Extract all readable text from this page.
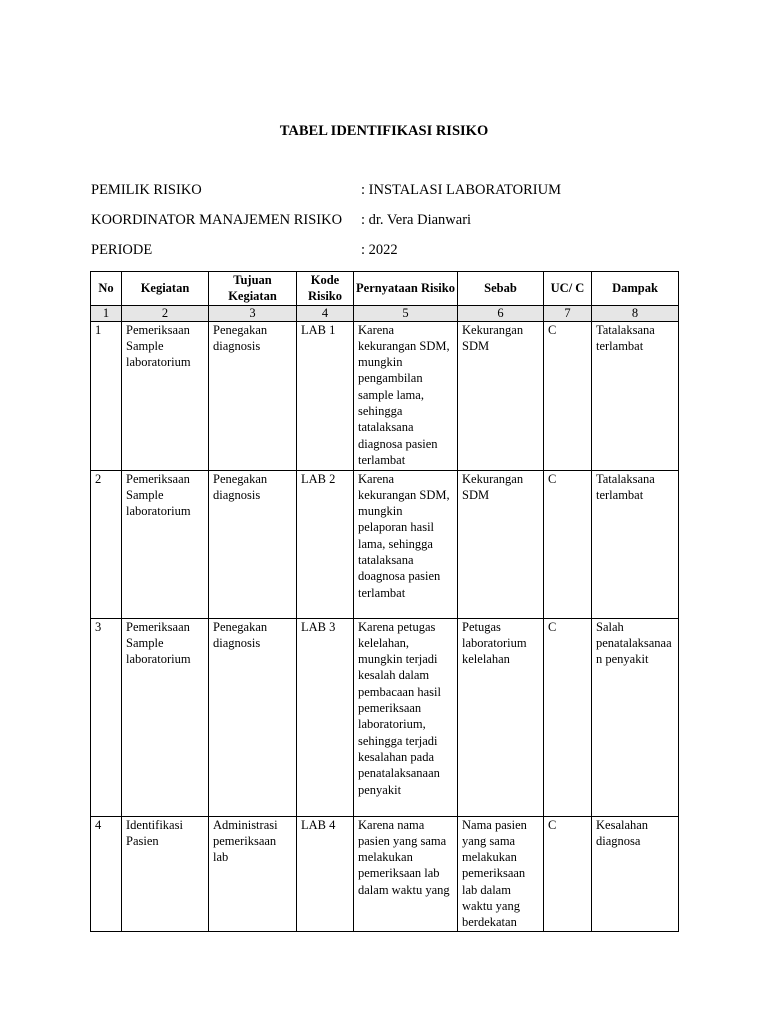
TABEL IDENTIFIKASI RISIKO
PEMILIK RISIKO	: INSTALASI LABORATORIUM
KOORDINATOR MANAJEMEN RISIKO : dr. Vera Dianwari
PERIODE	: 2022
No	Kegiatan	Tujuan Kegiatan	Kode Risiko	Pernyataan Risiko	Sebab	UC/ C	Dampak
1	2	3	4	5	6	7	8
1	Pemeriksaan Sample laboratorium	Penegakan diagnosis	LAB 1	Karena kekurangan SDM, mungkin pengambilan sample lama, sehingga tatalaksana diagnosa pasien terlambat	Kekurangan SDM	C	Tatalaksana terlambat
2	Pemeriksaan Sample laboratorium	Penegakan diagnosis	LAB 2	Karena kekurangan SDM, mungkin pelaporan hasil lama, sehingga tatalaksana doagnosa pasien terlambat	Kekurangan SDM	C	Tatalaksana terlambat
3	Pemeriksaan Sample laboratorium	Penegakan diagnosis	LAB 3	Karena petugas kelelahan, mungkin terjadi kesalah dalam pembacaan hasil pemeriksaan laboratorium, sehingga terjadi kesalahan pada penatalaksanaan penyakit	Petugas laboratorium kelelahan	C	Salah penatalaksanaan penyakit
4	Identifikasi Pasien	Administrasi pemeriksaan lab	LAB 4	Karena nama pasien yang sama melakukan pemeriksaan lab dalam waktu yang	Nama pasien yang sama melakukan pemeriksaan lab dalam waktu yang berdekatan	C	Kesalahan diagnosa
